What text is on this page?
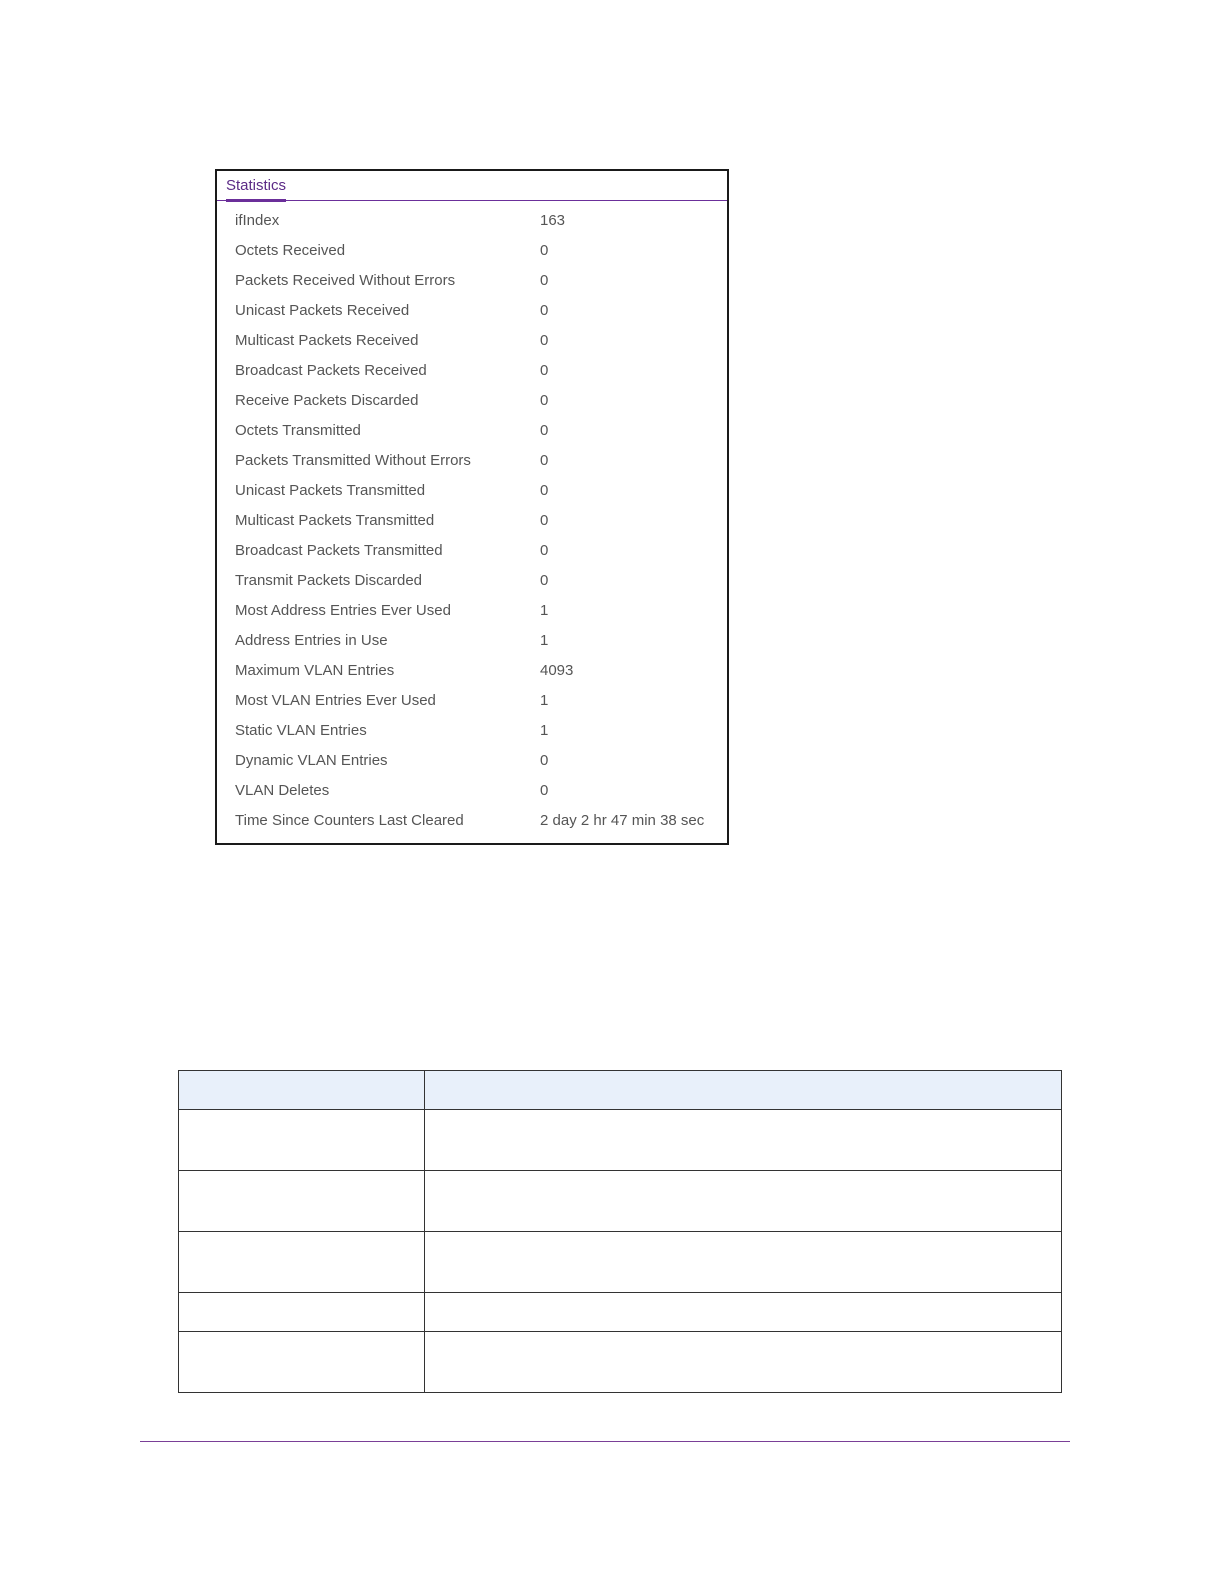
Statistics
ifIndex	163
Octets Received	0
Packets Received Without Errors	0
Unicast Packets Received	0
Multicast Packets Received	0
Broadcast Packets Received	0
Receive Packets Discarded	0
Octets Transmitted	0
Packets Transmitted Without Errors	0
Unicast Packets Transmitted	0
Multicast Packets Transmitted	0
Broadcast Packets Transmitted	0
Transmit Packets Discarded	0
Most Address Entries Ever Used	1
Address Entries in Use	1
Maximum VLAN Entries	4093
Most VLAN Entries Ever Used	1
Static VLAN Entries	1
Dynamic VLAN Entries	0
VLAN Deletes	0
Time Since Counters Last Cleared	2 day 2 hr 47 min 38 sec
